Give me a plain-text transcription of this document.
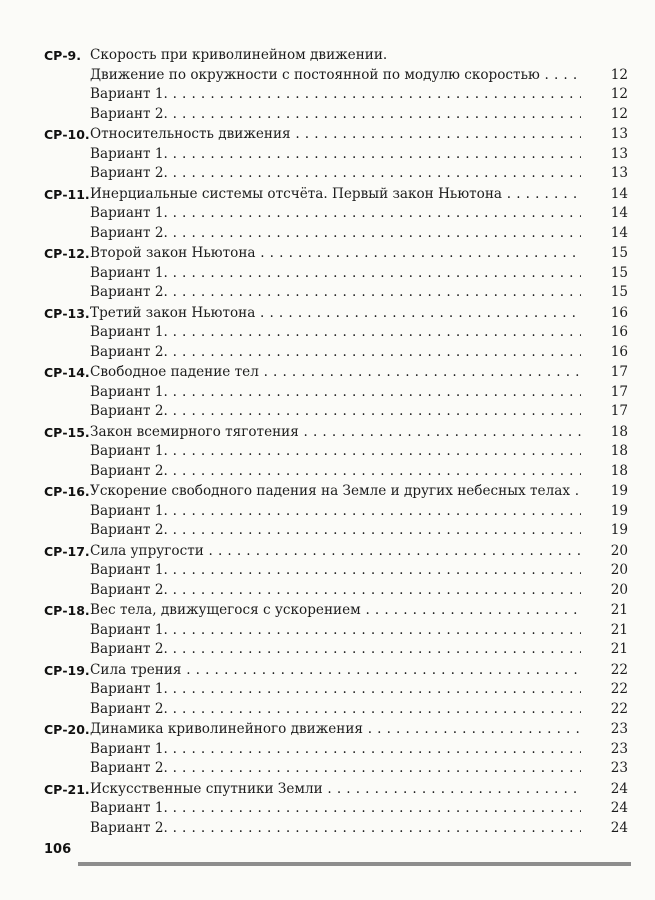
СР-9. Скорость при криволинейном движении.
Движение по окружности с постоянной по модулю скоростью . . .	12
Вариант 1. . . .	12
Вариант 2. . . .	12
СР-10. Относительность движения . . .	13
Вариант 1. . . .	13
Вариант 2. . . .	13
СР-11. Инерциальные системы отсчёта. Первый закон Ньютона . . .	14
Вариант 1. . . .	14
Вариант 2. . . .	14
СР-12. Второй закон Ньютона . . .	15
Вариант 1. . . .	15
Вариант 2. . . .	15
СР-13. Третий закон Ньютона . . .	16
Вариант 1. . . .	16
Вариант 2. . . .	16
СР-14. Свободное падение тел . . .	17
Вариант 1. . . .	17
Вариант 2. . . .	17
СР-15. Закон всемирного тяготения . . .	18
Вариант 1. . . .	18
Вариант 2. . . .	18
СР-16. Ускорение свободного падения на Земле и других небесных телах . . .	19
Вариант 1. . . .	19
Вариант 2. . . .	19
СР-17. Сила упругости . . .	20
Вариант 1. . . .	20
Вариант 2. . . .	20
СР-18. Вес тела, движущегося с ускорением . . .	21
Вариант 1. . . .	21
Вариант 2. . . .	21
СР-19. Сила трения . . .	22
Вариант 1. . . .	22
Вариант 2. . . .	22
СР-20. Динамика криволинейного движения . . .	23
Вариант 1. . . .	23
Вариант 2. . . .	23
СР-21. Искусственные спутники Земли . . .	24
Вариант 1. . . .	24
Вариант 2. . . .	24
106
